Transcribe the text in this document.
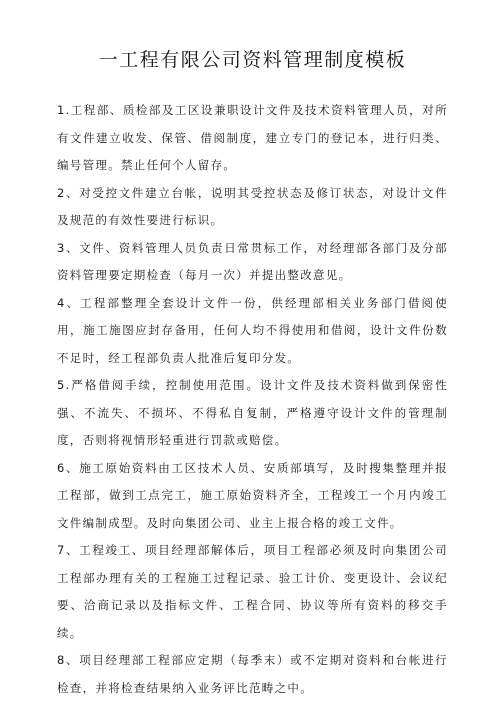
一工程有限公司资料管理制度模板
1.工程部、质检部及工区设兼职设计文件及技术资料管理人员，对所有文件建立收发、保管、借阅制度，建立专门的登记本，进行归类、编号管理。禁止任何个人留存。
2、对受控文件建立台帐，说明其受控状态及修订状态，对设计文件及规范的有效性要进行标识。
3、文件、资料管理人员负责日常贯标工作，对经理部各部门及分部资料管理要定期检查（每月一次）并提出整改意见。
4、工程部整理全套设计文件一份，供经理部相关业务部门借阅使用，施工施图应封存备用，任何人均不得使用和借阅，设计文件份数不足时，经工程部负责人批准后复印分发。
5.严格借阅手续，控制使用范围。设计文件及技术资料做到保密性强、不流失、不损坏、不得私自复制，严格遵守设计文件的管理制度，否则将视情形轻重进行罚款或赔偿。
6、施工原始资料由工区技术人员、安质部填写，及时搜集整理并报工程部，做到工点完工，施工原始资料齐全，工程竣工一个月内竣工文件编制成型。及时向集团公司、业主上报合格的竣工文件。
7、工程竣工、项目经理部解体后，项目工程部必须及时向集团公司工程部办理有关的工程施工过程记录、验工计价、变更设计、会议纪要、洽商记录以及指标文件、工程合同、协议等所有资料的移交手续。
8、项目经理部工程部应定期（每季末）或不定期对资料和台帐进行检查，并将检查结果纳入业务评比范畴之中。
